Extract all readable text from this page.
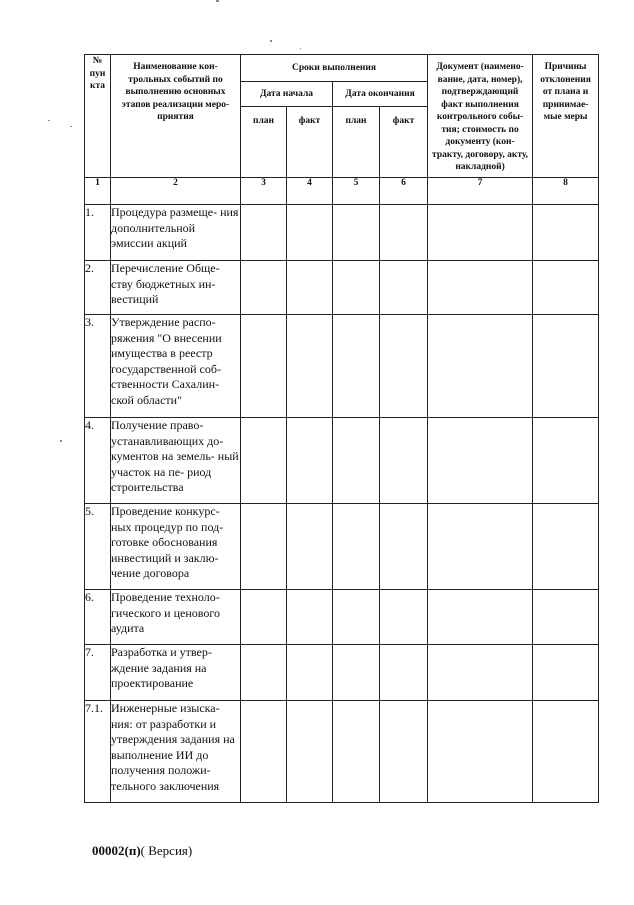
№ пун кта	Наименование кон- трольных событий по выполнению основных этапов реализации меро- приятия	Сроки выполнения				Документ (наимено- вание, дата, номер), подтверждающий факт выполнения контрольного собы- тия; стоимость по документу (кон- тракту, договору, акту, накладной)	Причины отклонения от плана и принимае- мые меры

		Дата начала		Дата окончания			
		план	факт	план	факт		
1	2	3	4	5	6	7	8
1.	Процедура размеще- ния дополнительной эмиссии акций						
2.	Перечисление Обще- ству бюджетных ин- вестиций						
3.	Утверждение распо- ряжения "О внесении имущества в реестр государственной соб- ственности Сахалин- ской области"						
4.	Получение право- устанавливающих до- кументов на земель- ный участок на пе- риод строительства						
5.	Проведение конкурс- ных процедур по под- готовке обоснования инвестиций и заклю- чение договора						
6.	Проведение техноло- гического и ценового аудита						
7.	Разработка и утвер- ждение задания на проектирование						
7.1.	Инженерные изыска- ния: от разработки и утверждения задания на выполнение ИИ до получения положи- тельного заключения						
00002(п)( Версия)
